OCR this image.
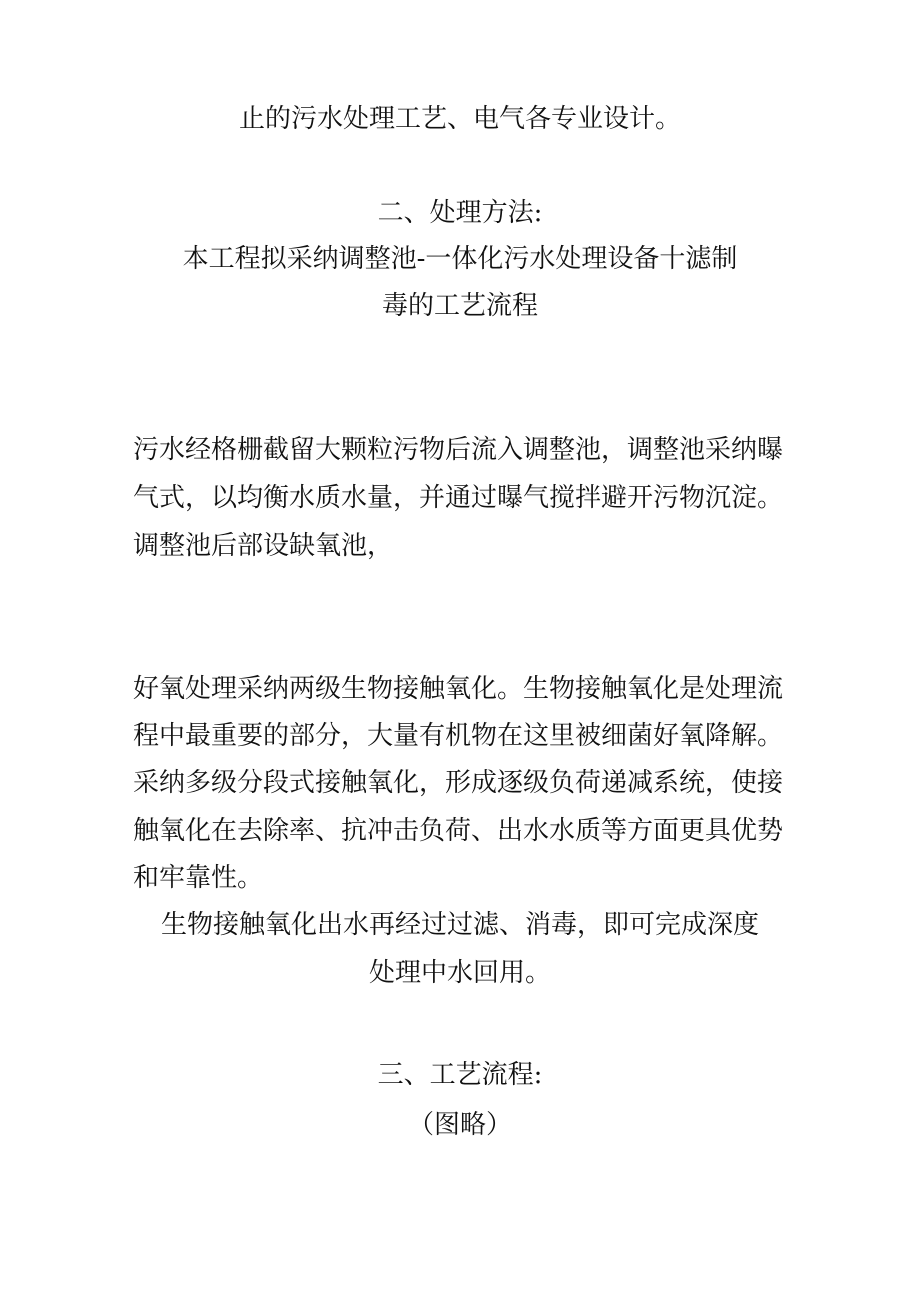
止的污水处理工艺、电气各专业设计。
二、处理方法:
本工程拟采纳调整池-一体化污水处理设备十滤制
毒的工艺流程
污水经格栅截留大颗粒污物后流入调整池，调整池采纳曝
气式，以均衡水质水量，并通过曝气搅拌避开污物沉淀。
调整池后部设缺氧池，
好氧处理采纳两级生物接触氧化。生物接触氧化是处理流
程中最重要的部分，大量有机物在这里被细菌好氧降解。
采纳多级分段式接触氧化，形成逐级负荷递减系统，使接
触氧化在去除率、抗冲击负荷、出水水质等方面更具优势
和牢靠性。
生物接触氧化出水再经过过滤、消毒，即可完成深度
处理中水回用。
三、工艺流程:
（图略）
